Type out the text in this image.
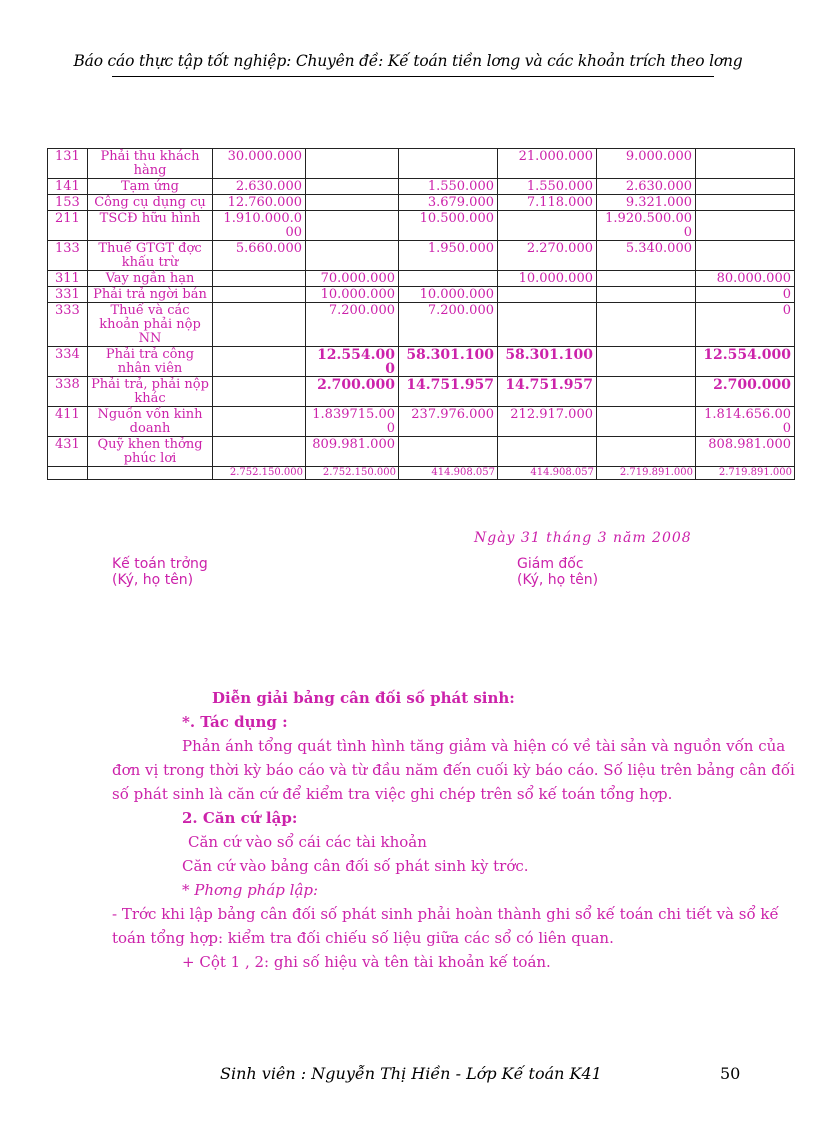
Báo cáo thực tập tốt nghiệp: Chuyên đề: Kế toán tiền lơng và các khoản trích theo lơng
131	Phải thu khách hàng	30.000.000			21.000.000	9.000.000	
141	Tạm ứng	2.630.000		1.550.000	1.550.000	2.630.000	
153	Công cụ dụng cụ	12.760.000		3.679.000	7.118.000	9.321.000	
211	TSCĐ hữu hình	1.910.000.000		10.500.000		1.920.500.000	
133	Thuế GTGT đợc khấu trừ	5.660.000		1.950.000	2.270.000	5.340.000	
311	Vay ngắn hạn		70.000.000		10.000.000		80.000.000
331	Phải trả ngời bán		10.000.000	10.000.000			0
333	Thuế và các khoản phải nộp NN		7.200.000	7.200.000			0
334	Phải trả công nhân viên		12.554.000	58.301.100	58.301.100		12.554.000
338	Phải trả, phải nộp khác		2.700.000	14.751.957	14.751.957		2.700.000
411	Nguồn vốn kinh doanh		1.839715.000	237.976.000	212.917.000		1.814.656.000
431	Quỹ khen thởng phúc lơi		809.981.000				808.981.000
		2.752.150.000	2.752.150.000	414.908.057	414.908.057	2.719.891.000	2.719.891.000
Ngày 31 tháng 3 năm 2008
Kế toán trởng
(Ký, họ tên)
Giám đốc
(Ký, họ tên)
Diễn giải bảng cân đối số phát sinh:
*. Tác dụng :
Phản ánh tổng quát tình hình tăng giảm và hiện có về tài sản và nguồn vốn của
đơn vị trong thời kỳ báo cáo và từ đầu năm đến cuối kỳ báo cáo. Số liệu trên bảng cân đối
số phát sinh là căn cứ để kiểm tra việc ghi chép trên sổ kế toán tổng hợp.
2. Căn cứ lập:
Căn cứ vào sổ cái các tài khoản
Căn cứ vào bảng cân đối số phát sinh kỳ trớc.
* Phơng pháp lập:
- Trớc khi lập bảng cân đối số phát sinh phải hoàn thành ghi sổ kế toán chi tiết và sổ kế
toán tổng hợp: kiểm tra đối chiếu số liệu giữa các sổ có liên quan.
+ Cột 1 , 2: ghi số hiệu và tên tài khoản kế toán.
Sinh viên : Nguyễn Thị Hiền - Lớp Kế toán K41	50
